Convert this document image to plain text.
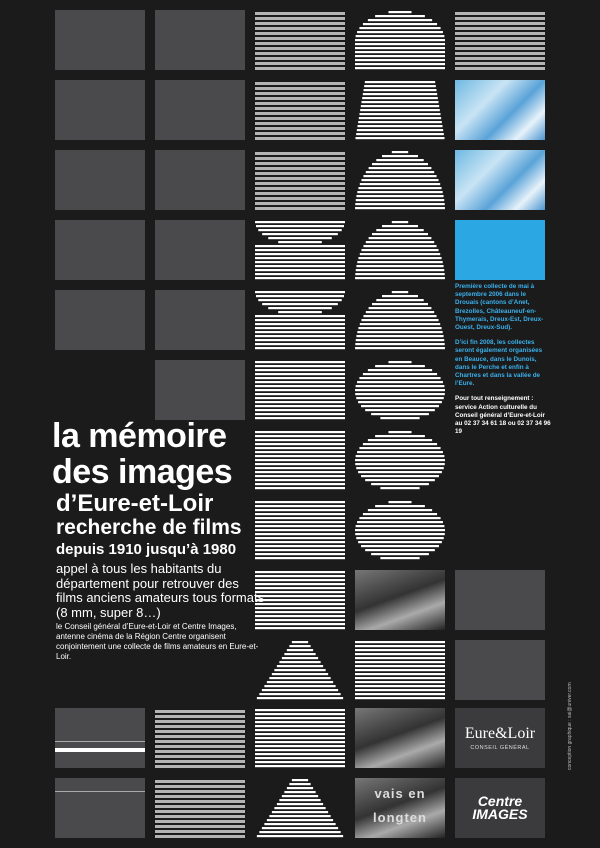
Eure&Loir
CONSEIL GÉNÉRAL
vais en
longten
Centre
IMAGES
la mémoire
des images
d’Eure-et-Loir
recherche de films
depuis 1910 jusqu’à 1980
appel à tous les habitants du département pour retrouver des films anciens amateurs tous formats (8 mm, super 8…)
le Conseil général d’Eure-et-Loir et Centre Images, antenne cinéma de la Région Centre organisent conjointement une collecte de films amateurs en Eure-et-Loir.

Première collecte de mai à septembre 2006 dans le Drouais (cantons d’Anet, Brezolles, Châteauneuf-en-Thymerais, Dreux-Est, Dreux-Ouest, Dreux-Sud).

D’ici fin 2008, les collectes seront également organisées en Beauce, dans le Dunois, dans le Perche et enfin à Chartres et dans la vallée de l’Eure.

Pour tout renseignement : service Action culturelle du Conseil général d’Eure-et-Loir au 02 37 34 61 18 ou 02 37 34 96 19

conception graphique : sai@univer.com
